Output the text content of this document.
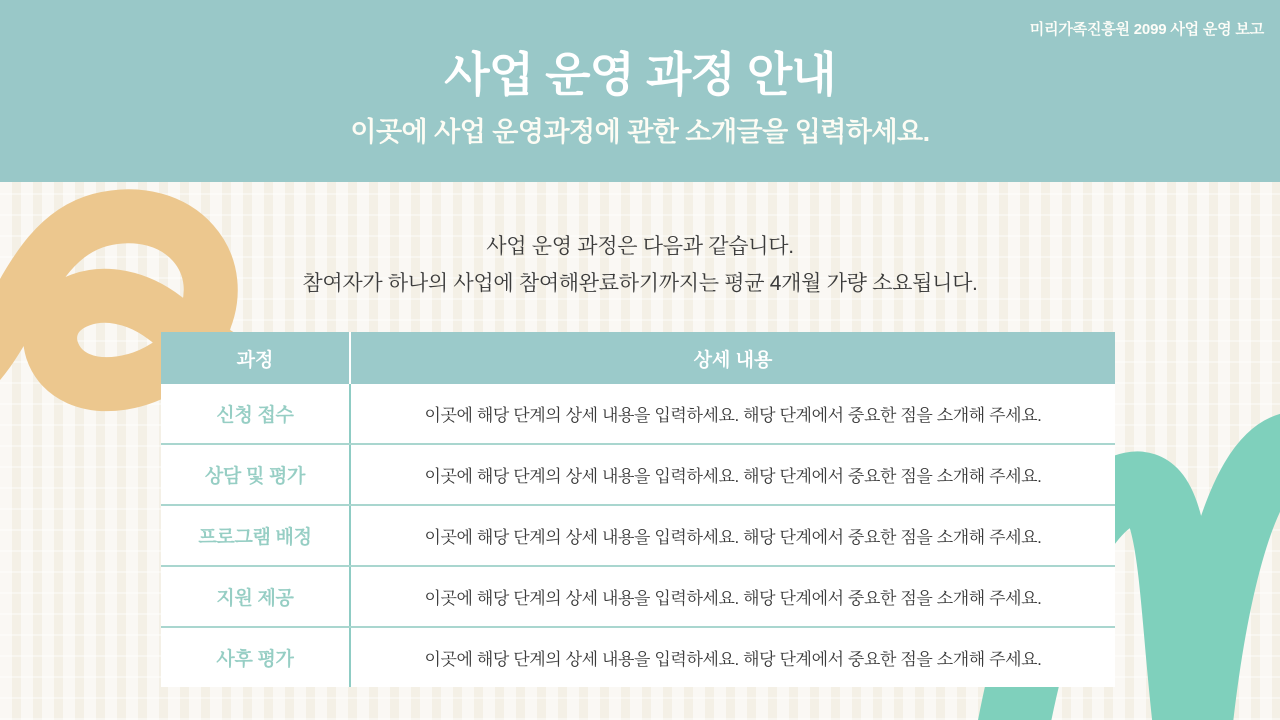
미리가족진흥원 2099 사업 운영 보고
사업 운영 과정 안내
이곳에 사업 운영과정에 관한 소개글을 입력하세요.
사업 운영 과정은 다음과 같습니다.
참여자가 하나의 사업에 참여해완료하기까지는 평균 4개월 가량 소요됩니다.
과정	상세 내용
신청 접수	이곳에 해당 단계의 상세 내용을 입력하세요. 해당 단계에서 중요한 점을 소개해 주세요.
상담 및 평가	이곳에 해당 단계의 상세 내용을 입력하세요. 해당 단계에서 중요한 점을 소개해 주세요.
프로그램 배정	이곳에 해당 단계의 상세 내용을 입력하세요. 해당 단계에서 중요한 점을 소개해 주세요.
지원 제공	이곳에 해당 단계의 상세 내용을 입력하세요. 해당 단계에서 중요한 점을 소개해 주세요.
사후 평가	이곳에 해당 단계의 상세 내용을 입력하세요. 해당 단계에서 중요한 점을 소개해 주세요.
